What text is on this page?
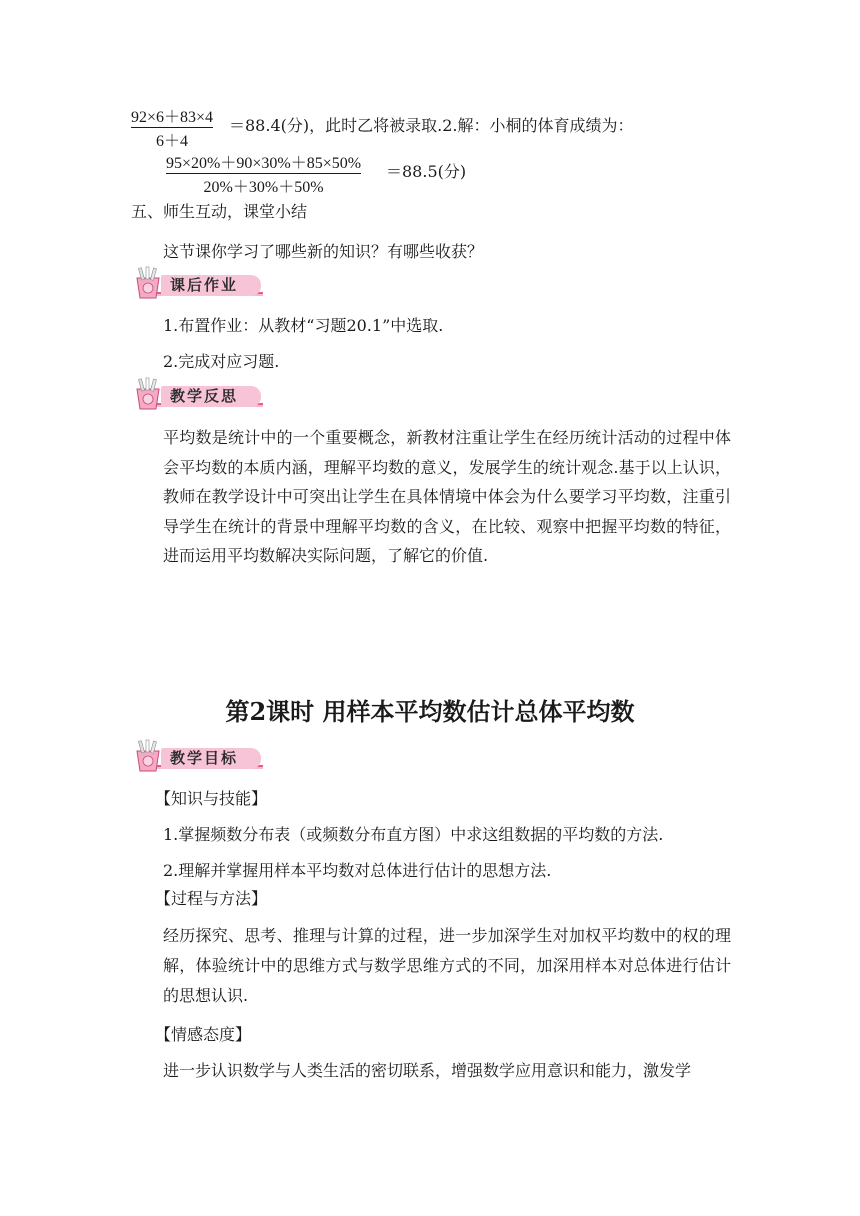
92×6＋83×4
6＋4
＝88.4(分)，此时乙将被录取.2.解：小桐的体育成绩为：
95×20%＋90×30%＋85×50%
20%＋30%＋50%
＝88.5(分)
五、师生互动，课堂小结
这节课你学习了哪些新的知识？有哪些收获？
课后作业
1.布置作业：从教材“习题20.1”中选取.
2.完成对应习题.
教学反思
平均数是统计中的一个重要概念，新教材注重让学生在经历统计活动的过程中体会平均数的本质内涵，理解平均数的意义，发展学生的统计观念.基于以上认识，教师在教学设计中可突出让学生在具体情境中体会为什么要学习平均数，注重引导学生在统计的背景中理解平均数的含义，在比较、观察中把握平均数的特征，进而运用平均数解决实际问题，了解它的价值.
第2课时 用样本平均数估计总体平均数
教学目标
【知识与技能】
1.掌握频数分布表（或频数分布直方图）中求这组数据的平均数的方法.
2.理解并掌握用样本平均数对总体进行估计的思想方法.
【过程与方法】
经历探究、思考、推理与计算的过程，进一步加深学生对加权平均数中的权的理解，体验统计中的思维方式与数学思维方式的不同，加深用样本对总体进行估计的思想认识.
【情感态度】
进一步认识数学与人类生活的密切联系，增强数学应用意识和能力，激发学
